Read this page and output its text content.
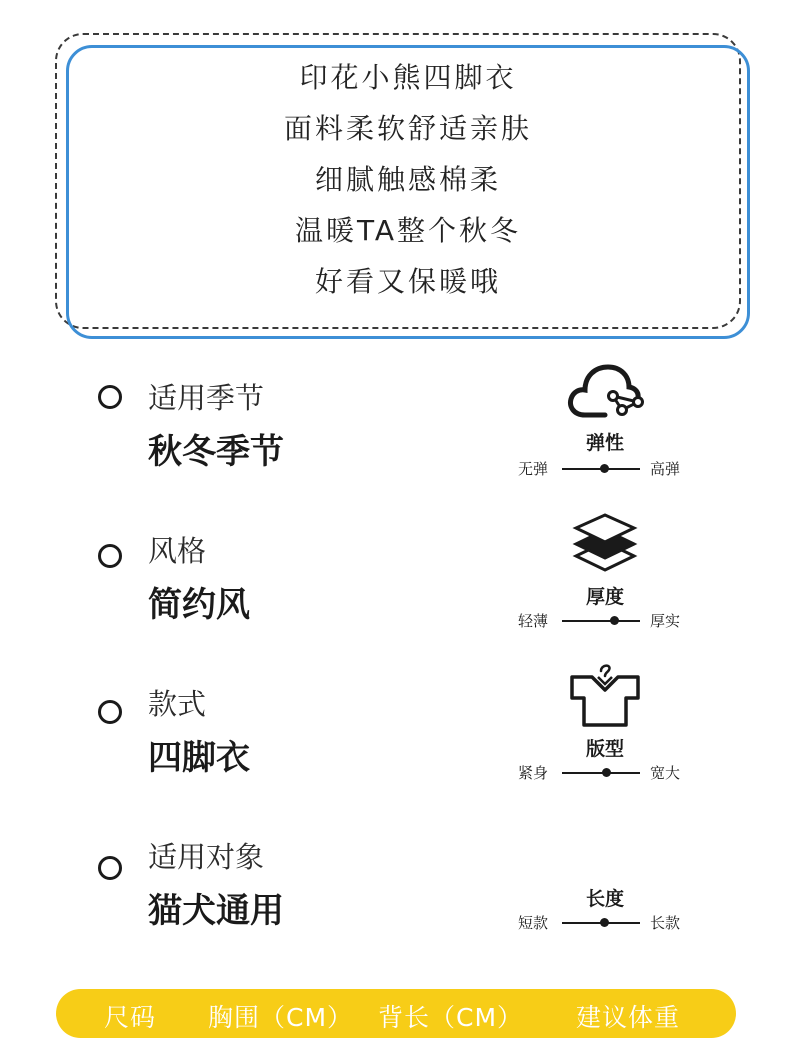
印花小熊四脚衣
面料柔软舒适亲肤
细腻触感棉柔
温暖TA整个秋冬
好看又保暖哦
适用季节
秋冬季节
风格
简约风
款式
四脚衣
适用对象
猫犬通用
弹性
无弹	高弹
厚度
轻薄	厚实
版型
紧身	宽大
长度
短款	长款
尺码 胸围（CM） 背长（CM） 建议体重
